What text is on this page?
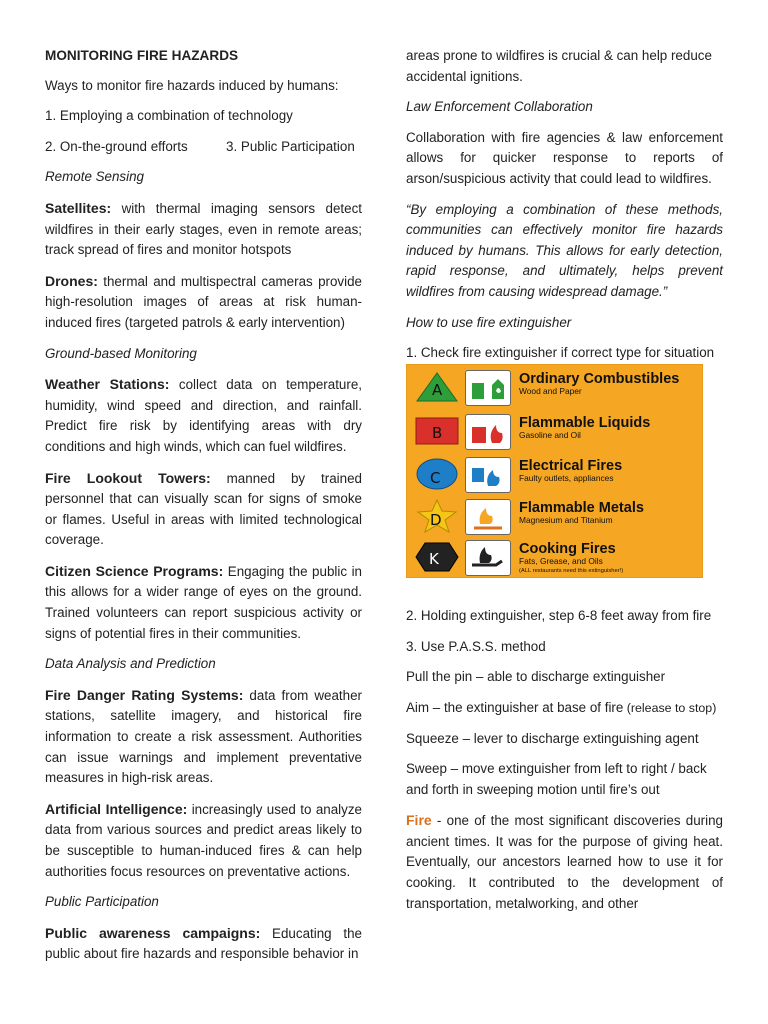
MONITORING FIRE HAZARDS

Ways to monitor fire hazards induced by humans:

1. Employing a combination of technology

2. On-the-ground efforts	3. Public Participation

Remote Sensing

Satellites: with thermal imaging sensors detect wildfires in their early stages, even in remote areas; track spread of fires and monitor hotspots

Drones: thermal and multispectral cameras provide high-resolution images of areas at risk human-induced fires (targeted patrols & early intervention)

Ground-based Monitoring

Weather Stations: collect data on temperature, humidity, wind speed and direction, and rainfall. Predict fire risk by identifying areas with dry conditions and high winds, which can fuel wildfires.

Fire Lookout Towers: manned by trained personnel that can visually scan for signs of smoke or flames. Useful in areas with limited technological coverage.

Citizen Science Programs: Engaging the public in this allows for a wider range of eyes on the ground. Trained volunteers can report suspicious activity or signs of potential fires in their communities.

Data Analysis and Prediction

Fire Danger Rating Systems: data from weather stations, satellite imagery, and historical fire information to create a risk assessment. Authorities can issue warnings and implement preventative measures in high-risk areas.

Artificial Intelligence: increasingly used to analyze data from various sources and predict areas likely to be susceptible to human-induced fires & can help authorities focus resources on preventative actions.

Public Participation

Public awareness campaigns: Educating the public about fire hazards and responsible behavior in

areas prone to wildfires is crucial & can help reduce accidental ignitions.

Law Enforcement Collaboration

Collaboration with fire agencies & law enforcement allows for quicker response to reports of arson/suspicious activity that could lead to wildfires.

“By employing a combination of these methods, communities can effectively monitor fire hazards induced by humans. This allows for early detection, rapid response, and ultimately, helps prevent wildfires from causing widespread damage.”

How to use fire extinguisher

1. Check fire extinguisher if correct type for situation

A
Ordinary Combustibles
Wood and Paper
B
Flammable Liquids
Gasoline and Oil
C
Electrical Fires
Faulty outlets, appliances
D
Flammable Metals
Magnesium and Titanium
K
Cooking Fires
Fats, Grease, and Oils
(ALL restaurants need this extinguisher!)

2. Holding extinguisher, step 6-8 feet away from fire

3. Use P.A.S.S. method

Pull the pin – able to discharge extinguisher

Aim – the extinguisher at base of fire (release to stop)

Squeeze – lever to discharge extinguishing agent

Sweep – move extinguisher from left to right / back and forth in sweeping motion until fire’s out

Fire - one of the most significant discoveries during ancient times. It was for the purpose of giving heat. Eventually, our ancestors learned how to use it for cooking. It contributed to the development of transportation, metalworking, and other
